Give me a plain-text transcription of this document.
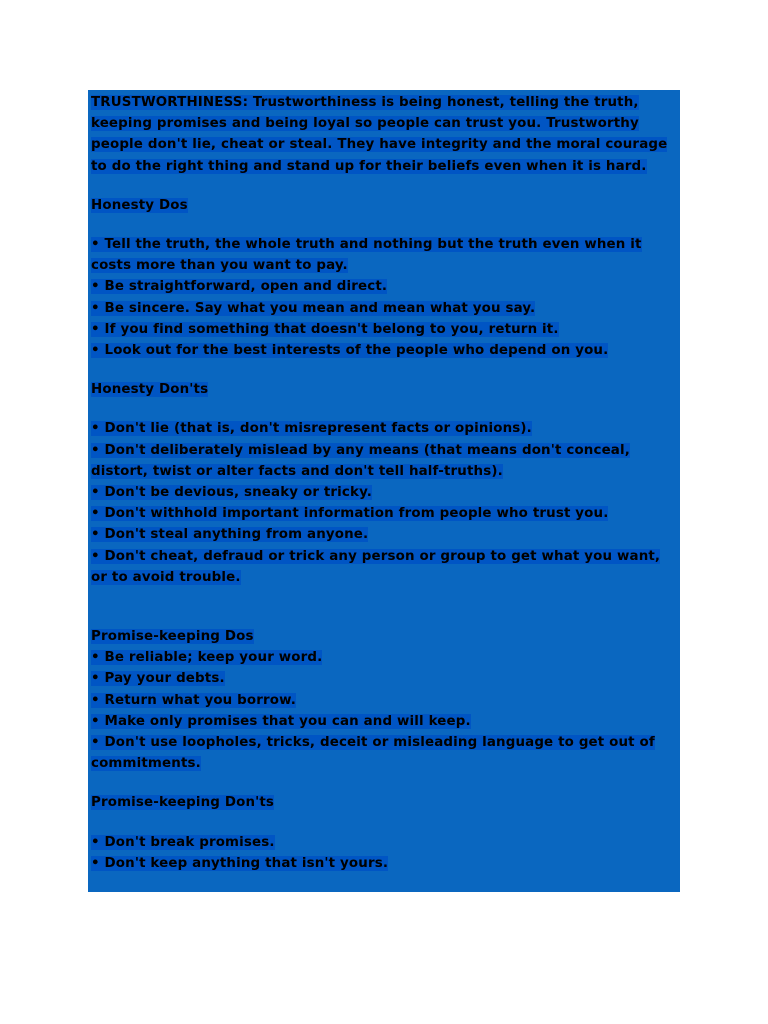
TRUSTWORTHINESS: Trustworthiness is being honest, telling the truth, keeping promises and being loyal so people can trust you. Trustworthy people don't lie, cheat or steal. They have integrity and the moral courage to do the right thing and stand up for their beliefs even when it is hard.

Honesty Dos

• Tell the truth, the whole truth and nothing but the truth even when it costs more than you want to pay.

• Be straightforward, open and direct.

• Be sincere. Say what you mean and mean what you say.

• If you find something that doesn't belong to you, return it.

• Look out for the best interests of the people who depend on you.

Honesty Don'ts

• Don't lie (that is, don't misrepresent facts or opinions).

• Don't deliberately mislead by any means (that means don't conceal, distort, twist or alter facts and don't tell half-truths).

• Don't be devious, sneaky or tricky.

• Don't withhold important information from people who trust you.

• Don't steal anything from anyone.

• Don't cheat, defraud or trick any person or group to get what you want, or to avoid trouble.

Promise-keeping Dos

• Be reliable; keep your word.

• Pay your debts.

• Return what you borrow.

• Make only promises that you can and will keep.

• Don't use loopholes, tricks, deceit or misleading language to get out of commitments.

Promise-keeping Don'ts

• Don't break promises.

• Don't keep anything that isn't yours.
